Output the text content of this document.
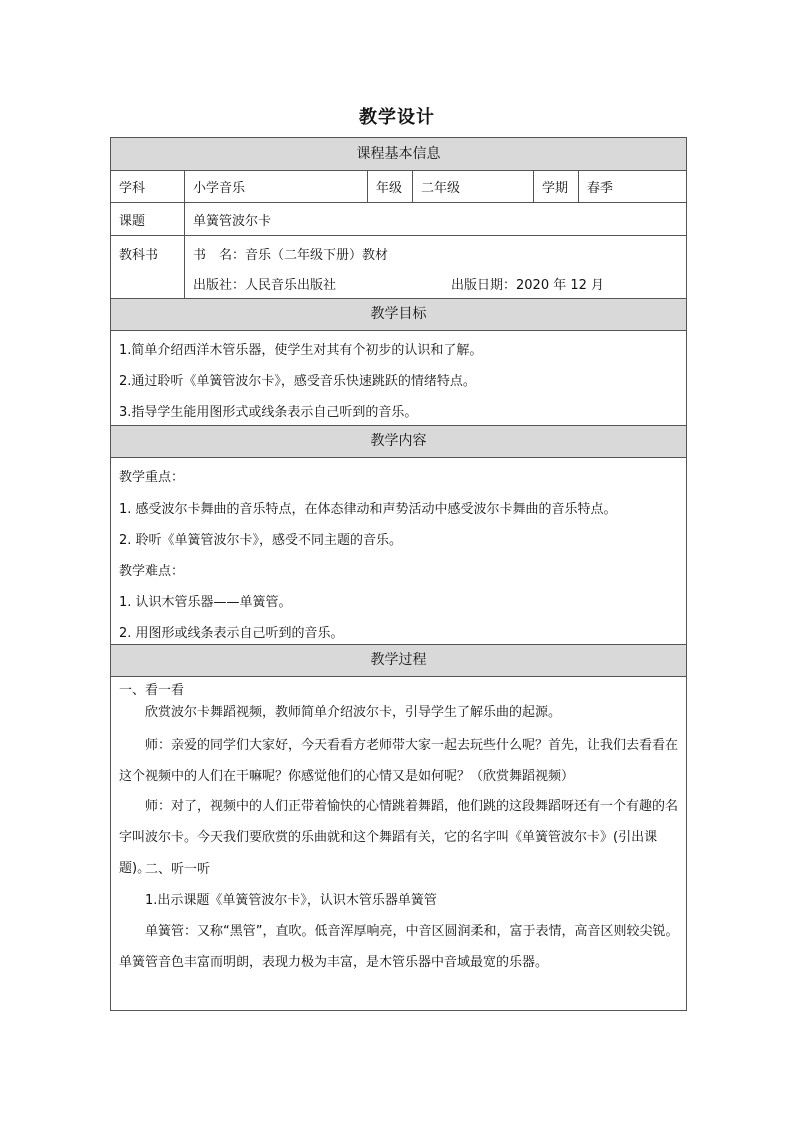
教学设计
课程基本信息
学科	小学音乐	年级	二年级	学期	春季
课题	单簧管波尔卡
教科书	书　名：音乐（二年级下册）教材
出版社：人民音乐出版社	出版日期：2020 年 12 月
教学目标
1.简单介绍西洋木管乐器，使学生对其有个初步的认识和了解。
2.通过聆听《单簧管波尔卡》，感受音乐快速跳跃的情绪特点。
3.指导学生能用图形式或线条表示自己听到的音乐。
教学内容
教学重点：
1. 感受波尔卡舞曲的音乐特点，在体态律动和声势活动中感受波尔卡舞曲的音乐特点。
2. 聆听《单簧管波尔卡》，感受不同主题的音乐。
教学难点：
1. 认识木管乐器——单簧管。
2. 用图形或线条表示自己听到的音乐。
教学过程
一、看一看
欣赏波尔卡舞蹈视频，教师简单介绍波尔卡，引导学生了解乐曲的起源。
师：亲爱的同学们大家好，今天看看方老师带大家一起去玩些什么呢？首先，让我们去看看在这个视频中的人们在干嘛呢？你感觉他们的心情又是如何呢？（欣赏舞蹈视频）
师：对了，视频中的人们正带着愉快的心情跳着舞蹈，他们跳的这段舞蹈呀还有一个有趣的名字叫波尔卡。今天我们要欣赏的乐曲就和这个舞蹈有关，它的名字叫《单簧管波尔卡》(引出课题)。
二、听一听
1.出示课题《单簧管波尔卡》，认识木管乐器单簧管
单簧管：又称“黑管”，直吹。低音浑厚响亮，中音区圆润柔和，富于表情，高音区则较尖锐。单簧管音色丰富而明朗，表现力极为丰富，是木管乐器中音域最宽的乐器。
